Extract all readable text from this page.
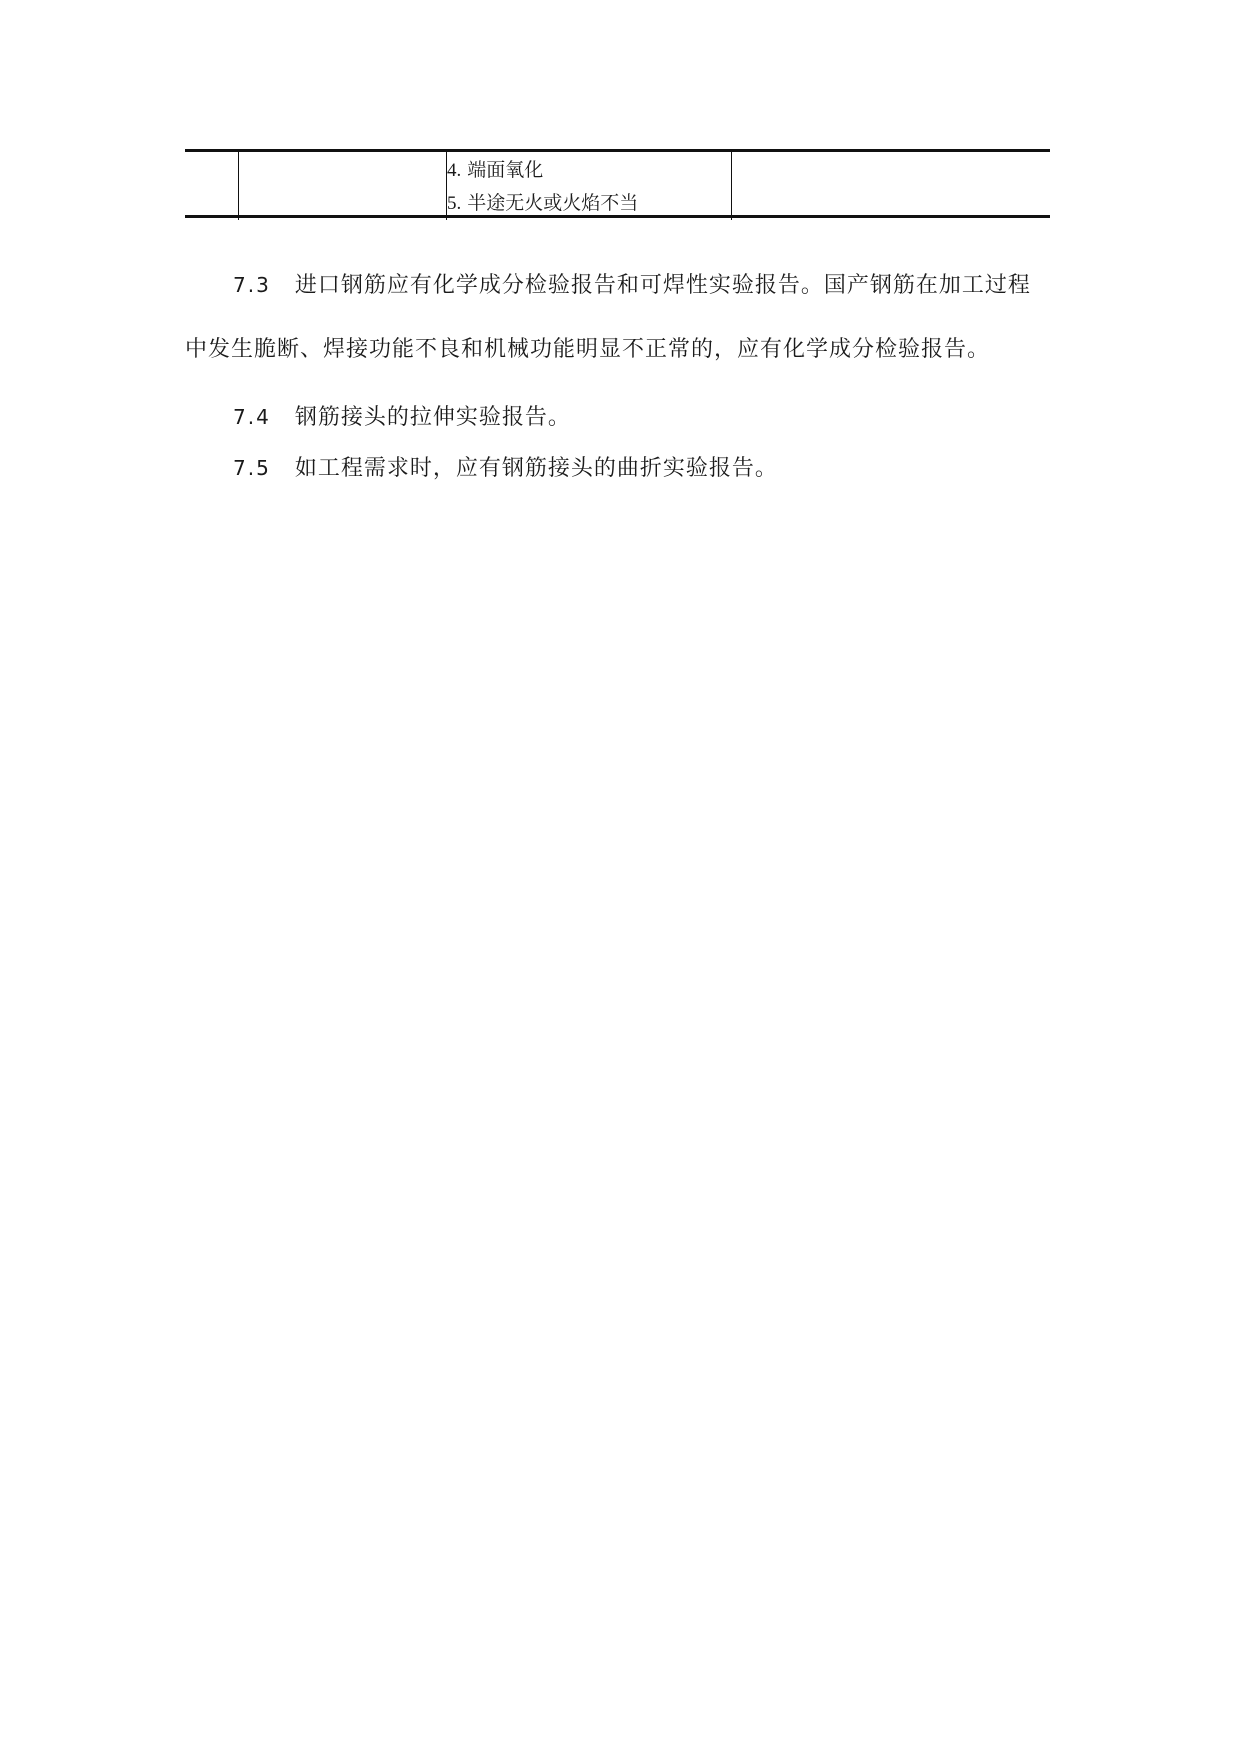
4. 端面氧化
5. 半途无火或火焰不当
7.3 进口钢筋应有化学成分检验报告和可焊性实验报告。国产钢筋在加工过程
中发生脆断、焊接功能不良和机械功能明显不正常的，应有化学成分检验报告。
7.4 钢筋接头的拉伸实验报告。
7.5 如工程需求时，应有钢筋接头的曲折实验报告。
